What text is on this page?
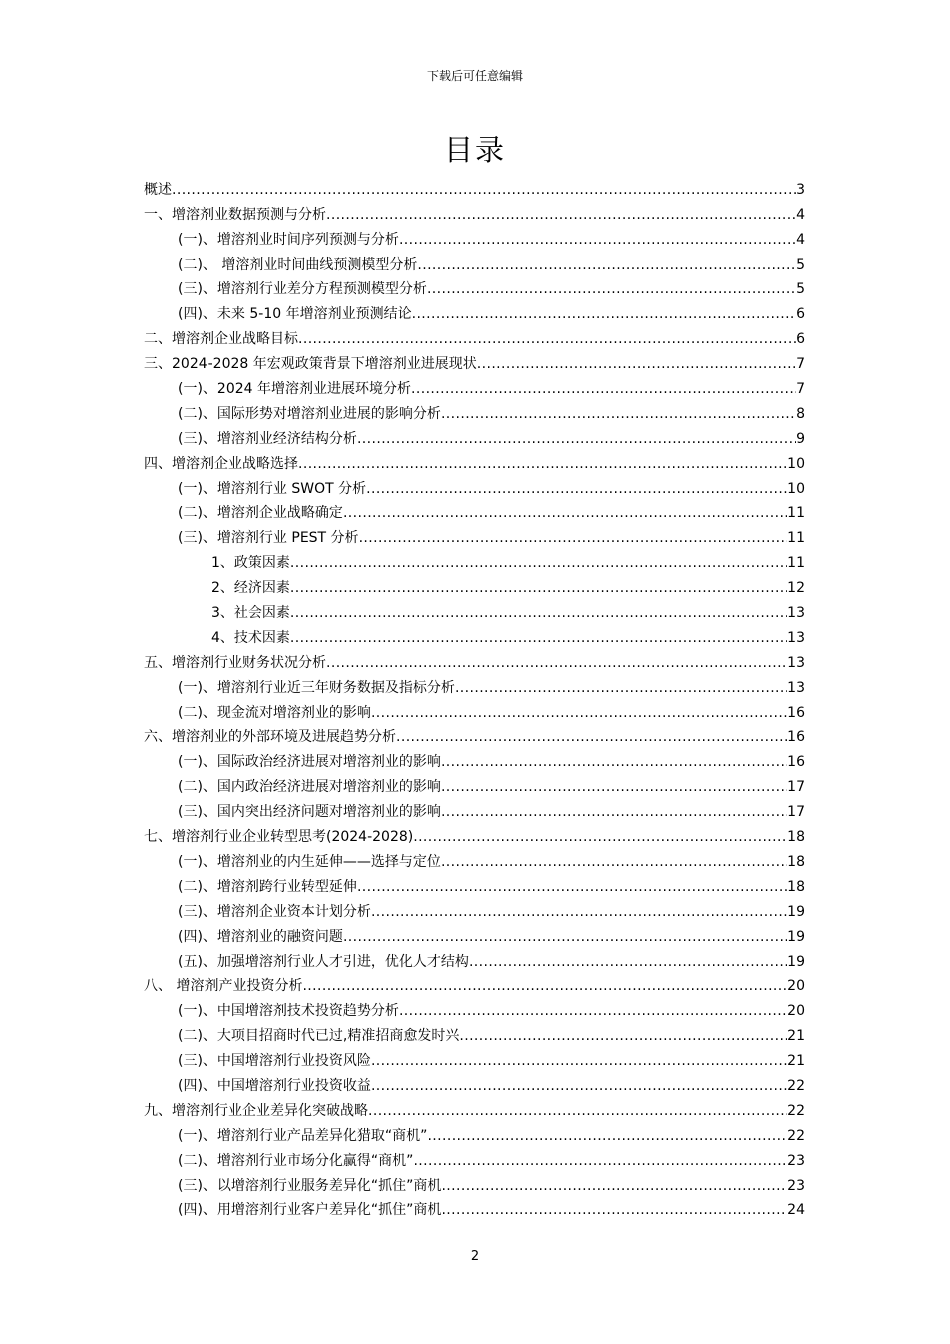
下载后可任意编辑
目录
概述 .....	3
一、增溶剂业数据预测与分析 .....	4
(一)、增溶剂业时间序列预测与分析 .....	4
(二)、 增溶剂业时间曲线预测模型分析 .....	5
(三)、增溶剂行业差分方程预测模型分析 .....	5
(四)、未来 5-10 年增溶剂业预测结论 .....	6
二、增溶剂企业战略目标 .....	6
三、2024-2028 年宏观政策背景下增溶剂业进展现状 .....	7
(一)、2024 年增溶剂业进展环境分析 .....	7
(二)、国际形势对增溶剂业进展的影响分析 .....	8
(三)、增溶剂业经济结构分析 .....	9
四、增溶剂企业战略选择 .....	10
(一)、增溶剂行业 SWOT 分析 .....	10
(二)、增溶剂企业战略确定 .....	11
(三)、增溶剂行业 PEST 分析 .....	11
1、政策因素 .....	11
2、经济因素 .....	12
3、社会因素 .....	13
4、技术因素 .....	13
五、增溶剂行业财务状况分析 .....	13
(一)、增溶剂行业近三年财务数据及指标分析 .....	13
(二)、现金流对增溶剂业的影响 .....	16
六、增溶剂业的外部环境及进展趋势分析 .....	16
(一)、国际政治经济进展对增溶剂业的影响 .....	16
(二)、国内政治经济进展对增溶剂业的影响 .....	17
(三)、国内突出经济问题对增溶剂业的影响 .....	17
七、增溶剂行业企业转型思考(2024-2028) .....	18
(一)、增溶剂业的内生延伸——选择与定位 .....	18
(二)、增溶剂跨行业转型延伸 .....	18
(三)、增溶剂企业资本计划分析 .....	19
(四)、增溶剂业的融资问题 .....	19
(五)、加强增溶剂行业人才引进，优化人才结构 .....	19
八、 增溶剂产业投资分析 .....	20
(一)、中国增溶剂技术投资趋势分析 .....	20
(二)、大项目招商时代已过,精准招商愈发时兴 .....	21
(三)、中国增溶剂行业投资风险 .....	21
(四)、中国增溶剂行业投资收益 .....	22
九、增溶剂行业企业差异化突破战略 .....	22
(一)、增溶剂行业产品差异化猎取“商机” .....	22
(二)、增溶剂行业市场分化赢得“商机” .....	23
(三)、以增溶剂行业服务差异化“抓住”商机 .....	23
(四)、用增溶剂行业客户差异化“抓住”商机 .....	24
2
